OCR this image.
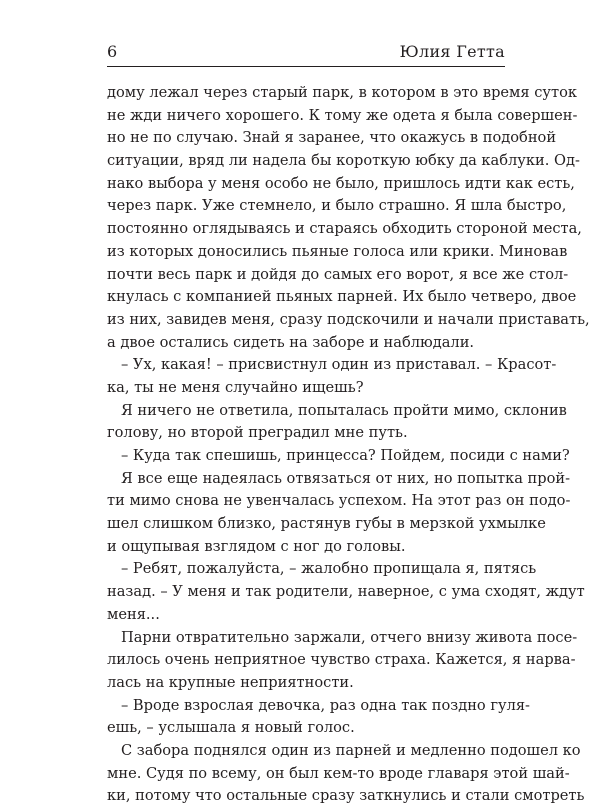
6	Юлия Гетта
дому лежал через старый парк, в котором в это время суток
не жди ничего хорошего. К тому же одета я была совершен-
но не по случаю. Знай я заранее, что окажусь в подобной
ситуации, вряд ли надела бы короткую юбку да каблуки. Од-
нако выбора у меня особо не было, пришлось идти как есть,
через парк. Уже стемнело, и было страшно. Я шла быстро,
постоянно оглядываясь и стараясь обходить стороной места,
из которых доносились пьяные голоса или крики. Миновав
почти весь парк и дойдя до самых его ворот, я все же стол-
кнулась с компанией пьяных парней. Их было четверо, двое
из них, завидев меня, сразу подскочили и начали приставать,
а двое остались сидеть на заборе и наблюдали.
– Ух, какая! – присвистнул один из приставал. – Красот-
ка, ты не меня случайно ищешь?
Я ничего не ответила, попыталась пройти мимо, склонив
голову, но второй преградил мне путь.
– Куда так спешишь, принцесса? Пойдем, посиди с нами?
Я все еще надеялась отвязаться от них, но попытка прой-
ти мимо снова не увенчалась успехом. На этот раз он подо-
шел слишком близко, растянув губы в мерзкой ухмылке
и ощупывая взглядом с ног до головы.
– Ребят, пожалуйста, – жалобно пропищала я, пятясь
назад. – У меня и так родители, наверное, с ума сходят, ждут
меня...
Парни отвратительно заржали, отчего внизу живота посе-
лилось очень неприятное чувство страха. Кажется, я нарва-
лась на крупные неприятности.
– Вроде взрослая девочка, раз одна так поздно гуля-
ешь, – услышала я новый голос.
С забора поднялся один из парней и медленно подошел ко
мне. Судя по всему, он был кем-то вроде главаря этой шай-
ки, потому что остальные сразу заткнулись и стали смотреть
